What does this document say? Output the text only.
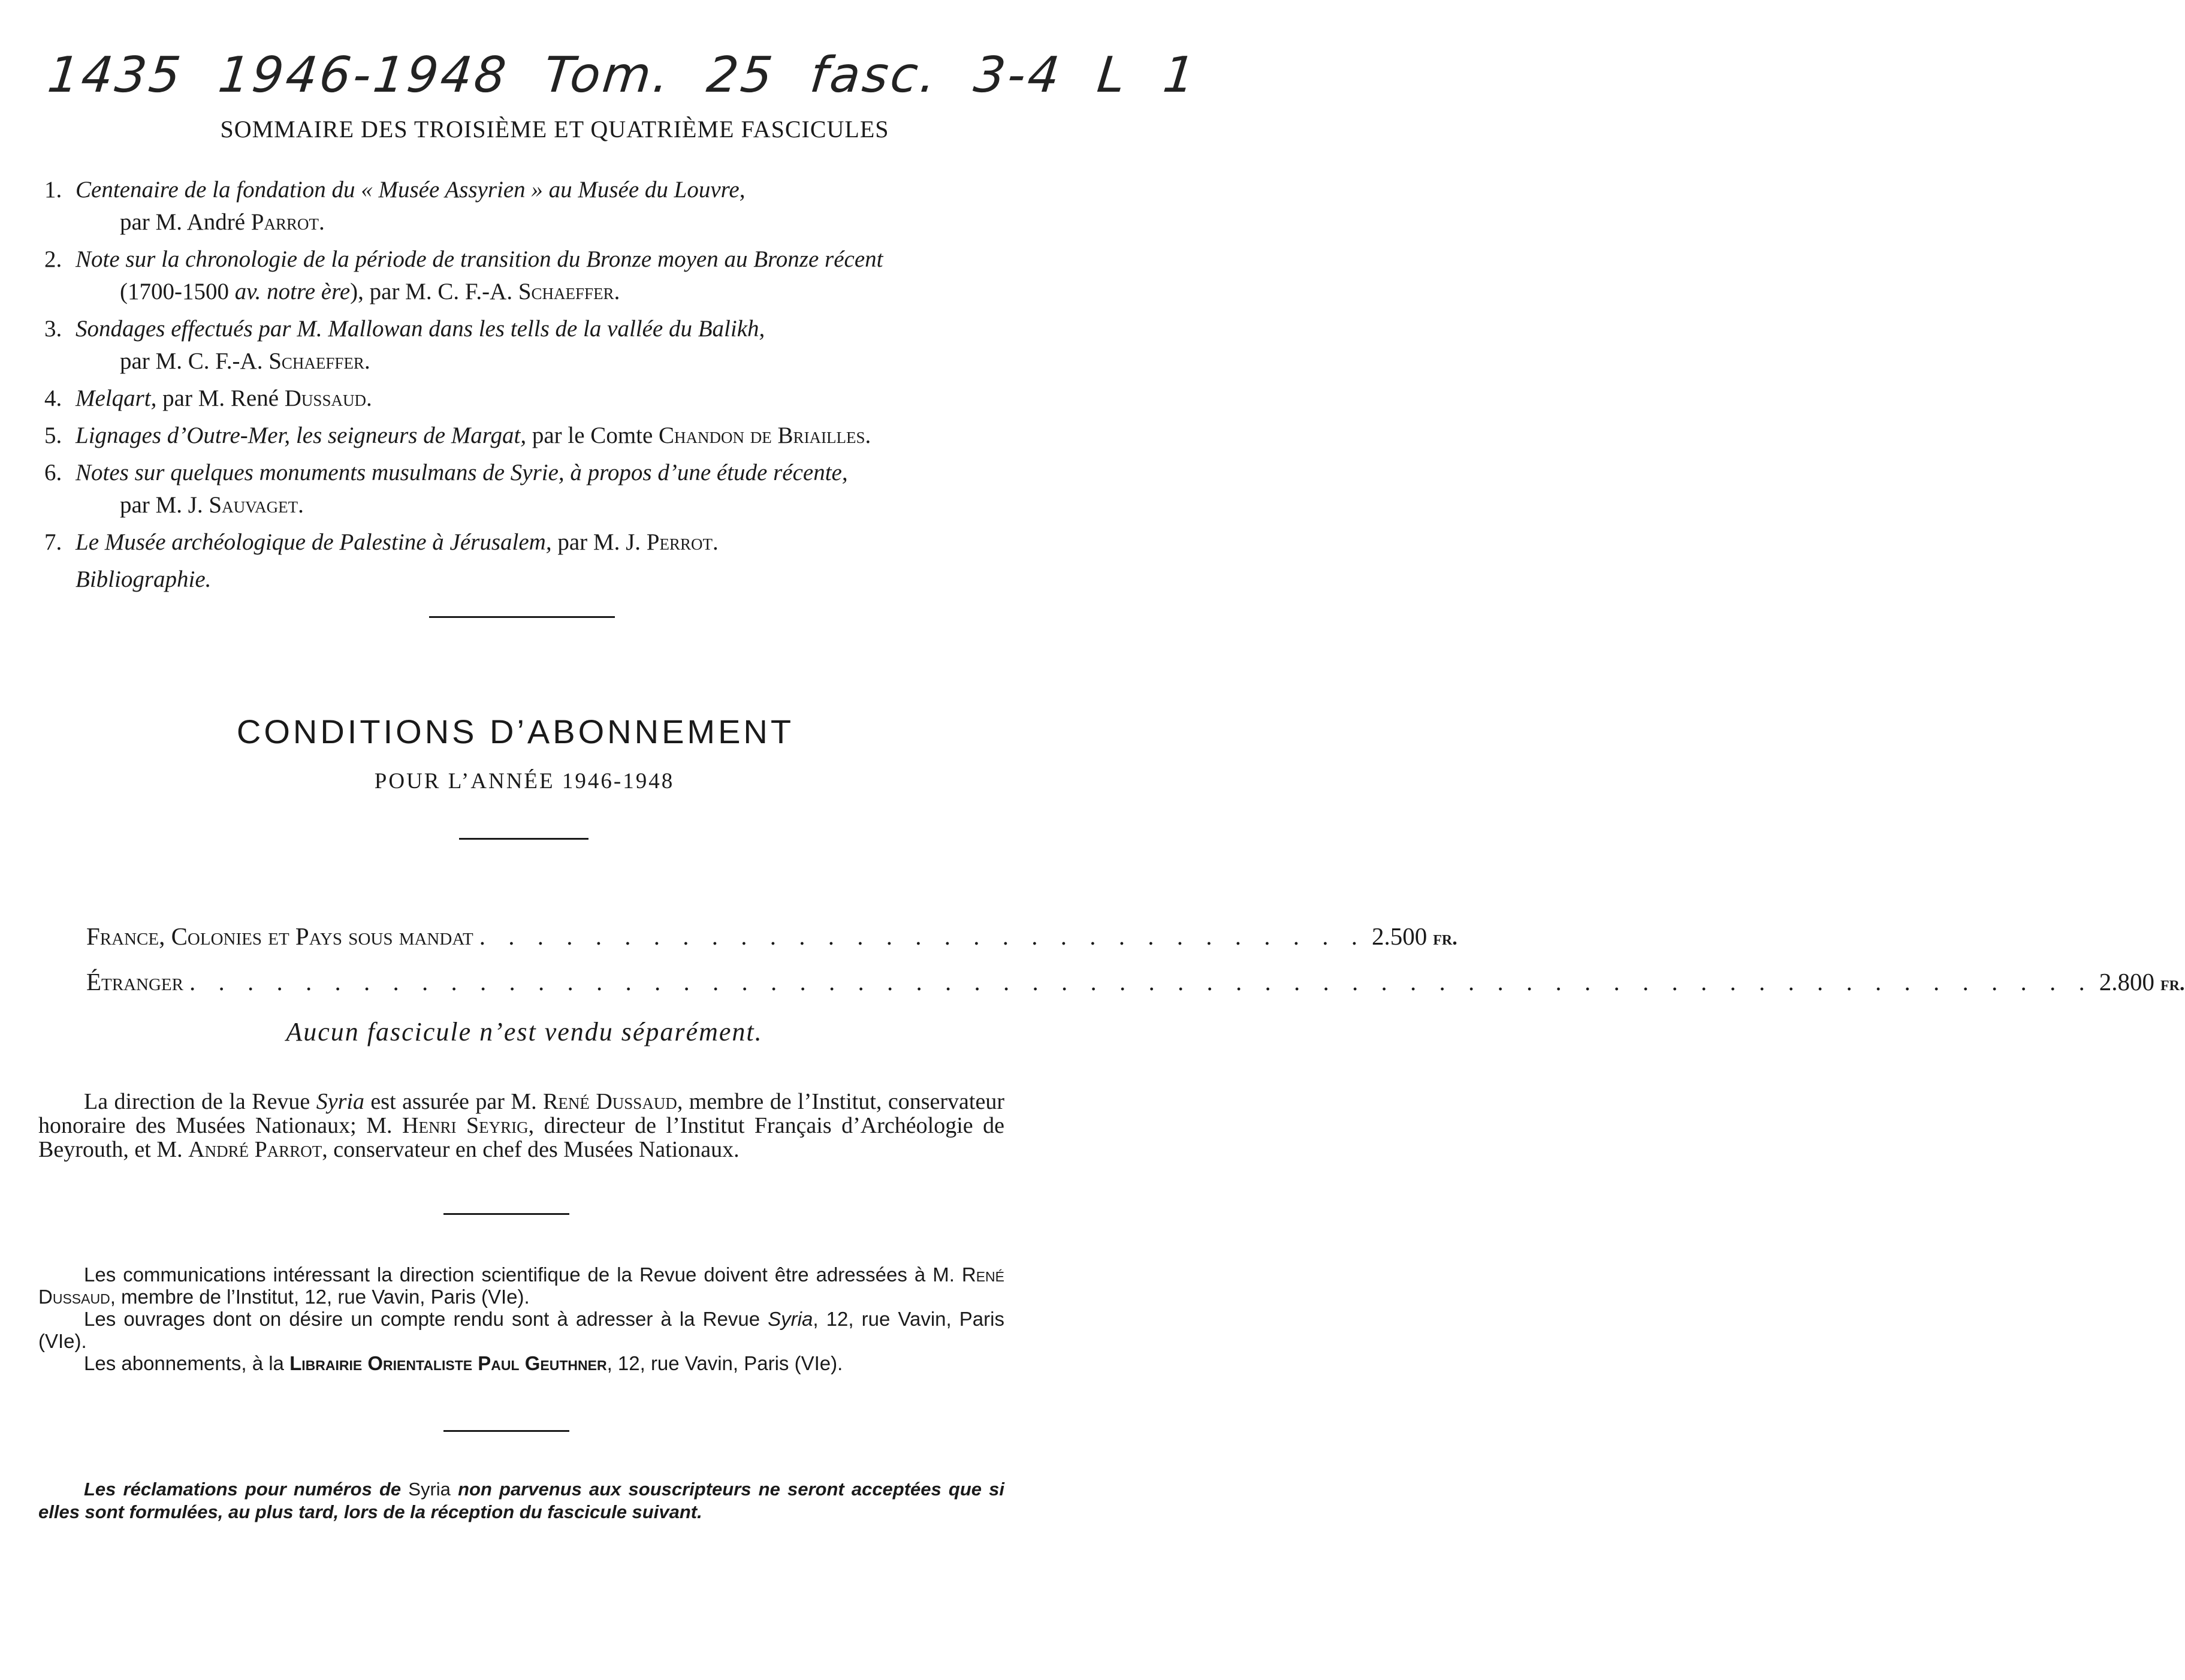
1435 1946-1948 Tom. 25 fasc. 3-4 L 1
SOMMAIRE DES TROISIÈME ET QUATRIÈME FASCICULES
1. Centenaire de la fondation du « Musée Assyrien » au Musée du Louvre,
par M. André Parrot.
2. Note sur la chronologie de la période de transition du Bronze moyen au Bronze récent
(1700-1500 av. notre ère), par M. C. F.-A. Schaeffer.
3. Sondages effectués par M. Mallowan dans les tells de la vallée du Balikh,
par M. C. F.-A. Schaeffer.
4. Melqart, par M. René Dussaud.
5. Lignages d’Outre-Mer, les seigneurs de Margat, par le Comte Chandon de Briailles.
6. Notes sur quelques monuments musulmans de Syrie, à propos d’une étude récente,
par M. J. Sauvaget.
7. Le Musée archéologique de Palestine à Jérusalem, par M. J. Perrot.
Bibliographie.
CONDITIONS D’ABONNEMENT
POUR L’ANNÉE 1946-1948
France, Colonies et Pays sous mandat . . . . . . . . . . . . . . . . . . . . . . . . . . . . . . . 2.500 fr.
Étranger . . . . . . . . . . . . . . . . . . . . . . . . . . . . . . . . . . . . . . . . . . . . . . . . . . . . . . . . . . . . . . . . . . 2.800 fr.
Aucun fascicule n’est vendu séparément.

La direction de la Revue Syria est assurée par M. René Dussaud, membre de l’Institut, conservateur honoraire des Musées Nationaux; M. Henri Seyrig, directeur de l’Institut Français d’Archéologie de Beyrouth, et M. André Parrot, conservateur en chef des Musées Nationaux.

Les communications intéressant la direction scientifique de la Revue doivent être adressées à M. René Dussaud, membre de l’Institut, 12, rue Vavin, Paris (VIe).

Les ouvrages dont on désire un compte rendu sont à adresser à la Revue Syria, 12, rue Vavin, Paris (VIe).

Les abonnements, à la Librairie Orientaliste Paul Geuthner, 12, rue Vavin, Paris (VIe).

Les réclamations pour numéros de Syria non parvenus aux souscripteurs ne seront acceptées que si elles sont formulées, au plus tard, lors de la réception du fascicule suivant.
